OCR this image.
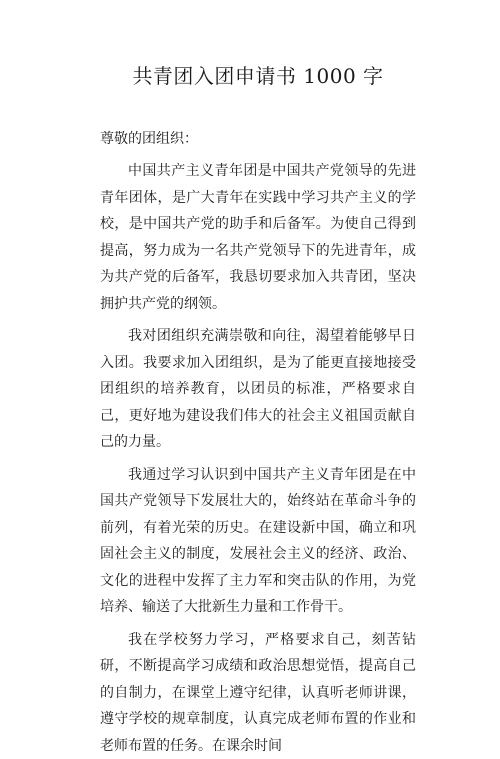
共青团入团申请书 1000 字

尊敬的团组织：

中国共产主义青年团是中国共产党领导的先进青年团体，是广大青年在实践中学习共产主义的学校，是中国共产党的助手和后备军。为使自己得到提高，努力成为一名共产党领导下的先进青年，成为共产党的后备军，我恳切要求加入共青团，坚决拥护共产党的纲领。

我对团组织充满崇敬和向往，渴望着能够早日入团。我要求加入团组织，是为了能更直接地接受团组织的培养教育，以团员的标准，严格要求自己，更好地为建设我们伟大的社会主义祖国贡献自己的力量。

我通过学习认识到中国共产主义青年团是在中国共产党领导下发展壮大的，始终站在革命斗争的前列，有着光荣的历史。在建设新中国，确立和巩固社会主义的制度，发展社会主义的经济、政治、文化的进程中发挥了主力军和突击队的作用，为党培养、输送了大批新生力量和工作骨干。

我在学校努力学习，严格要求自己，刻苦钻研，不断提高学习成绩和政治思想觉悟，提高自己的自制力，在课堂上遵守纪律，认真听老师讲课，遵守学校的规章制度，认真完成老师布置的作业和老师布置的任务。在课余时间
